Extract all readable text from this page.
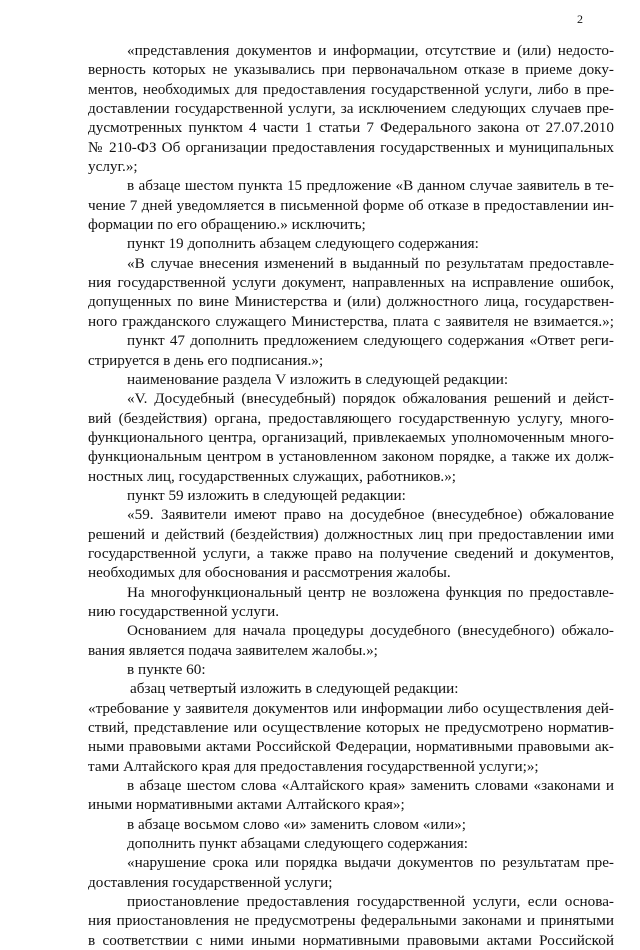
2
«представления документов и информации, отсутствие и (или) недосто-
верность которых не указывались при первоначальном отказе в приеме доку-
ментов, необходимых для предоставления государственной услуги, либо в пре-
доставлении государственной услуги, за исключением следующих случаев пре-
дусмотренных пунктом 4 части 1 статьи 7 Федерального закона от 27.07.2010
№ 210-ФЗ Об организации предоставления государственных и муниципальных
услуг.»;
в абзаце шестом пункта 15 предложение «В данном случае заявитель в те-
чение 7 дней уведомляется в письменной форме об отказе в предоставлении ин-
формации по его обращению.» исключить;
пункт 19 дополнить абзацем следующего содержания:
«В случае внесения изменений в выданный по результатам предоставле-
ния государственной услуги документ, направленных на исправление ошибок,
допущенных по вине Министерства и (или) должностного лица, государствен-
ного гражданского служащего Министерства, плата с заявителя не взимается.»;
пункт 47 дополнить предложением следующего содержания «Ответ реги-
стрируется в день его подписания.»;
наименование раздела V изложить в следующей редакции:
«V. Досудебный (внесудебный) порядок обжалования решений и дейст-
вий (бездействия) органа, предоставляющего государственную услугу, много-
функционального центра, организаций, привлекаемых уполномоченным много-
функциональным центром в установленном законом порядке, а также их долж-
ностных лиц, государственных служащих, работников.»;
пункт 59 изложить в следующей редакции:
«59. Заявители имеют право на досудебное (внесудебное) обжалование
решений и действий (бездействия) должностных лиц при предоставлении ими
государственной услуги, а также право на получение сведений и документов,
необходимых для обоснования и рассмотрения жалобы.
На многофункциональный центр не возложена функция по предоставле-
нию государственной услуги.
Основанием для начала процедуры досудебного (внесудебного) обжало-
вания является подача заявителем жалобы.»;
в пункте 60:
абзац четвертый изложить в следующей редакции:
«требование у заявителя документов или информации либо осуществления дей-
ствий, представление или осуществление которых не предусмотрено норматив-
ными правовыми актами Российской Федерации, нормативными правовыми ак-
тами Алтайского края для предоставления государственной услуги;»;
в абзаце шестом слова «Алтайского края» заменить словами «законами и
иными нормативными актами Алтайского края»;
в абзаце восьмом слово «и» заменить словом «или»;
дополнить пункт абзацами следующего содержания:
«нарушение срока или порядка выдачи документов по результатам пре-
доставления государственной услуги;
приостановление предоставления государственной услуги, если основа-
ния приостановления не предусмотрены федеральными законами и принятыми
в соответствии с ними иными нормативными правовыми актами Российской
